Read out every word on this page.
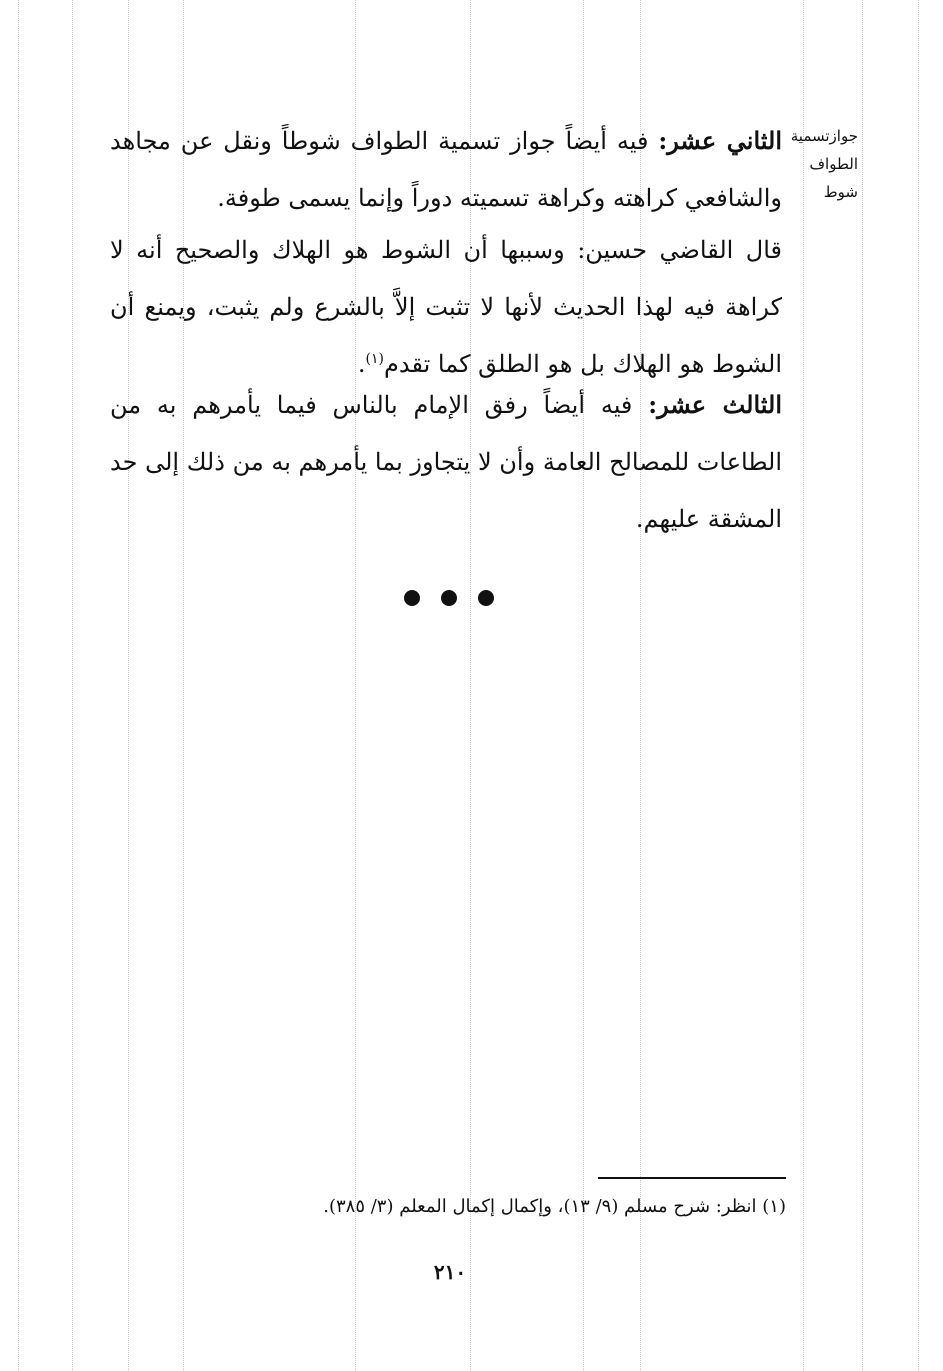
جوازتسمية
الطواف شوط
الثاني عشر: فيه أيضاً جواز تسمية الطواف شوطاً ونقل عن مجاهد والشافعي كراهته وكراهة تسميته دوراً وإنما يسمى طوفة.
قال القاضي حسين: وسببها أن الشوط هو الهلاك والصحيح أنه لا كراهة فيه لهذا الحديث لأنها لا تثبت إلاَّ بالشرع ولم يثبت، ويمنع أن الشوط هو الهلاك بل هو الطلق كما تقدم$^{(١)}$.
الثالث عشر: فيه أيضاً رفق الإمام بالناس فيما يأمرهم به من الطاعات للمصالح العامة وأن لا يتجاوز بما يأمرهم به من ذلك إلى حد المشقة عليهم.
(١) انظر: شرح مسلم (٩/ ١٣)، وإكمال إكمال المعلم (٣/ ٣٨٥).
٢١٠
